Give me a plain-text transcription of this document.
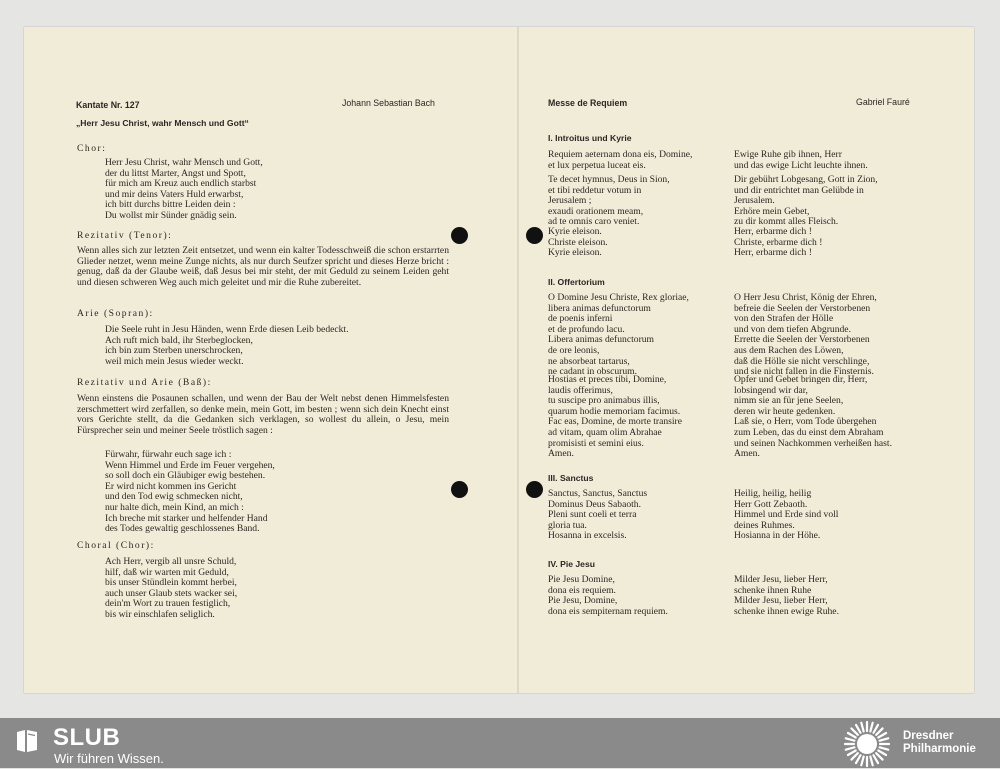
Kantate Nr. 127	Johann Sebastian Bach
„Herr Jesu Christ, wahr Mensch und Gott“
Chor:
Herr Jesu Christ, wahr Mensch und Gott,
der du littst Marter, Angst und Spott,
für mich am Kreuz auch endlich starbst
und mir deins Vaters Huld erwarbst,
ich bitt durchs bittre Leiden dein :
Du wollst mir Sünder gnädig sein.
Rezitativ (Tenor):
Wenn alles sich zur letzten Zeit entsetzet, und wenn ein kalter Todesschweiß die schon erstarrten Glieder netzet, wenn meine Zunge nichts, als nur durch Seufzer spricht und dieses Herze bricht : genug, daß da der Glaube weiß, daß Jesus bei mir steht, der mit Geduld zu seinem Leiden geht und diesen schweren Weg auch mich geleitet und mir die Ruhe zubereitet.
Arie (Sopran):
Die Seele ruht in Jesu Händen, wenn Erde diesen Leib bedeckt.
Ach ruft mich bald, ihr Sterbeglocken,
ich bin zum Sterben unerschrocken,
weil mich mein Jesus wieder weckt.
Rezitativ und Arie (Baß):
Wenn einstens die Posaunen schallen, und wenn der Bau der Welt nebst denen Himmelsfesten zerschmettert wird zerfallen, so denke mein, mein Gott, im besten ; wenn sich dein Knecht einst vors Gerichte stellt, da die Gedanken sich verklagen, so wollest du allein, o Jesu, mein Fürsprecher sein und meiner Seele tröstlich sagen :
Fürwahr, fürwahr euch sage ich :
Wenn Himmel und Erde im Feuer vergehen,
so soll doch ein Gläubiger ewig bestehen.
Er wird nicht kommen ins Gericht
und den Tod ewig schmecken nicht,
nur halte dich, mein Kind, an mich :
Ich breche mit starker und helfender Hand
des Todes gewaltig geschlossenes Band.
Choral (Chor):
Ach Herr, vergib all unsre Schuld,
hilf, daß wir warten mit Geduld,
bis unser Stündlein kommt herbei,
auch unser Glaub stets wacker sei,
dein'm Wort zu trauen festiglich,
bis wir einschlafen seliglich.
Messe de Requiem	Gabriel Fauré
I. Introitus und Kyrie
Requiem aeternam dona eis, Domine,
et lux perpetua luceat eis.
Ewige Ruhe gib ihnen, Herr
und das ewige Licht leuchte ihnen.
Te decet hymnus, Deus in Sion,
et tibi reddetur votum in
Jerusalem ;
exaudi orationem meam,
ad te omnis caro veniet.
Dir gebührt Lobgesang, Gott in Zion,
und dir entrichtet man Gelübde in
Jerusalem.
Erhöre mein Gebet,
zu dir kommt alles Fleisch.
Kyrie eleison.
Christe eleison.
Kyrie eleison.
Herr, erbarme dich !
Christe, erbarme dich !
Herr, erbarme dich !
II. Offertorium
O Domine Jesu Christe, Rex gloriae,
libera animas defunctorum
de poenis inferni
et de profundo lacu.
Libera animas defunctorum
de ore leonis,
ne absorbeat tartarus,
ne cadant in obscurum.
O Herr Jesu Christ, König der Ehren,
befreie die Seelen der Verstorbenen
von den Strafen der Hölle
und von dem tiefen Abgrunde.
Errette die Seelen der Verstorbenen
aus dem Rachen des Löwen,
daß die Hölle sie nicht verschlinge,
und sie nicht fallen in die Finsternis.
Hostias et preces tibi, Domine,
laudis offerimus,
tu suscipe pro animabus illis,
quarum hodie memoriam facimus.
Fac eas, Domine, de morte transire
ad vitam, quam olim Abrahae
promisisti et semini eius.
Amen.
Opfer und Gebet bringen dir, Herr,
lobsingend wir dar,
nimm sie an für jene Seelen,
deren wir heute gedenken.
Laß sie, o Herr, vom Tode übergehen
zum Leben, das du einst dem Abraham
und seinen Nachkommen verheißen hast.
Amen.
III. Sanctus
Sanctus, Sanctus, Sanctus
Dominus Deus Sabaoth.
Pleni sunt coeli et terra
gloria tua.
Hosanna in excelsis.
Heilig, heilig, heilig
Herr Gott Zebaoth.
Himmel und Erde sind voll
deines Ruhmes.
Hosianna in der Höhe.
IV. Pie Jesu
Pie Jesu Domine,
dona eis requiem.
Pie Jesu, Domine,
dona eis sempiternam requiem.
Milder Jesu, lieber Herr,
schenke ihnen Ruhe
Milder Jesu, lieber Herr,
schenke ihnen ewige Ruhe.
SLUB
Wir führen Wissen.
Dresdner
Philharmonie
